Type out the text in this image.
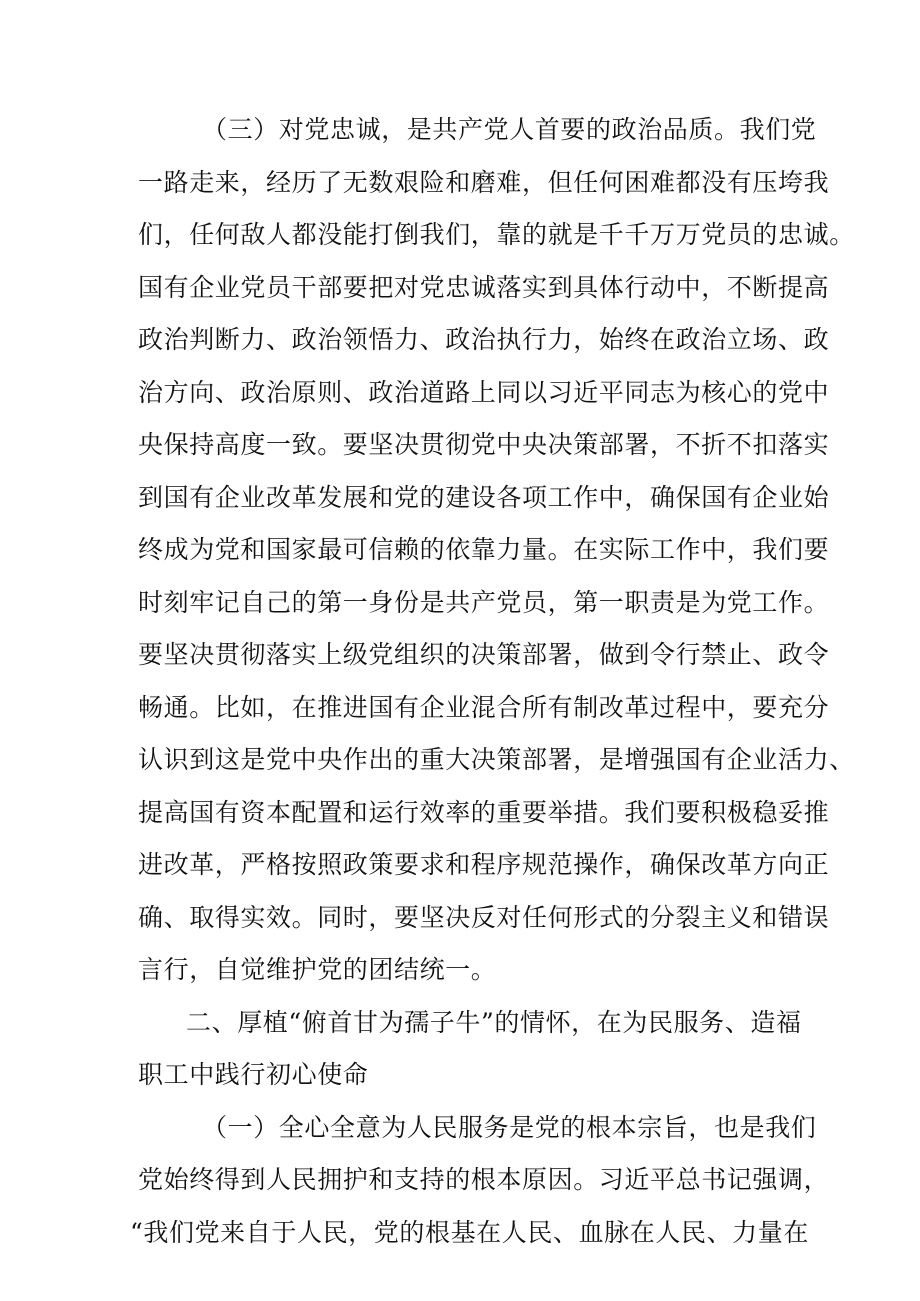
（三）对党忠诚，是共产党人首要的政治品质。我们党
一路走来，经历了无数艰险和磨难，但任何困难都没有压垮我
们，任何敌人都没能打倒我们，靠的就是千千万万党员的忠诚。
国有企业党员干部要把对党忠诚落实到具体行动中，不断提高
政治判断力、政治领悟力、政治执行力，始终在政治立场、政
治方向、政治原则、政治道路上同以习近平同志为核心的党中
央保持高度一致。要坚决贯彻党中央决策部署，不折不扣落实
到国有企业改革发展和党的建设各项工作中，确保国有企业始
终成为党和国家最可信赖的依靠力量。在实际工作中，我们要
时刻牢记自己的第一身份是共产党员，第一职责是为党工作。
要坚决贯彻落实上级党组织的决策部署，做到令行禁止、政令
畅通。比如，在推进国有企业混合所有制改革过程中，要充分
认识到这是党中央作出的重大决策部署，是增强国有企业活力、
提高国有资本配置和运行效率的重要举措。我们要积极稳妥推
进改革，严格按照政策要求和程序规范操作，确保改革方向正
确、取得实效。同时，要坚决反对任何形式的分裂主义和错误
言行，自觉维护党的团结统一。
二、厚植“俯首甘为孺子牛”的情怀，在为民服务、造福
职工中践行初心使命
（一）全心全意为人民服务是党的根本宗旨，也是我们
党始终得到人民拥护和支持的根本原因。习近平总书记强调，
“我们党来自于人民，党的根基在人民、血脉在人民、力量在
